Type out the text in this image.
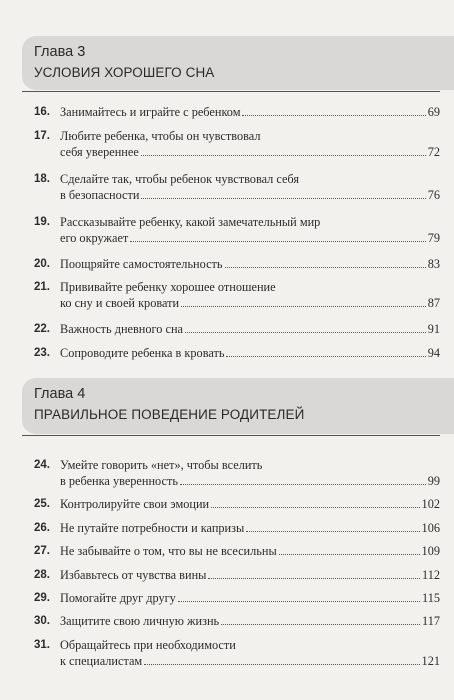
Глава 3
УСЛОВИЯ ХОРОШЕГО СНА
16. Занимайтесь и играйте с ребенком	69
17. Любите ребенка, чтобы он чувствовал
себя увереннее	72
18. Сделайте так, чтобы ребенок чувствовал себя
в безопасности	76
19. Рассказывайте ребенку, какой замечательный мир
его окружает	79
20. Поощряйте самостоятельность	83
21. Прививайте ребенку хорошее отношение
ко сну и своей кровати	87
22. Важность дневного сна	91
23. Сопроводите ребенка в кровать	94
Глава 4
ПРАВИЛЬНОЕ ПОВЕДЕНИЕ РОДИТЕЛЕЙ
24. Умейте говорить «нет», чтобы вселить
в ребенка уверенность	99
25. Контролируйте свои эмоции	102
26. Не путайте потребности и капризы	106
27. Не забывайте о том, что вы не всесильны	109
28. Избавьтесь от чувства вины	112
29. Помогайте друг другу	115
30. Защитите свою личную жизнь	117
31. Обращайтесь при необходимости
к специалистам	121
